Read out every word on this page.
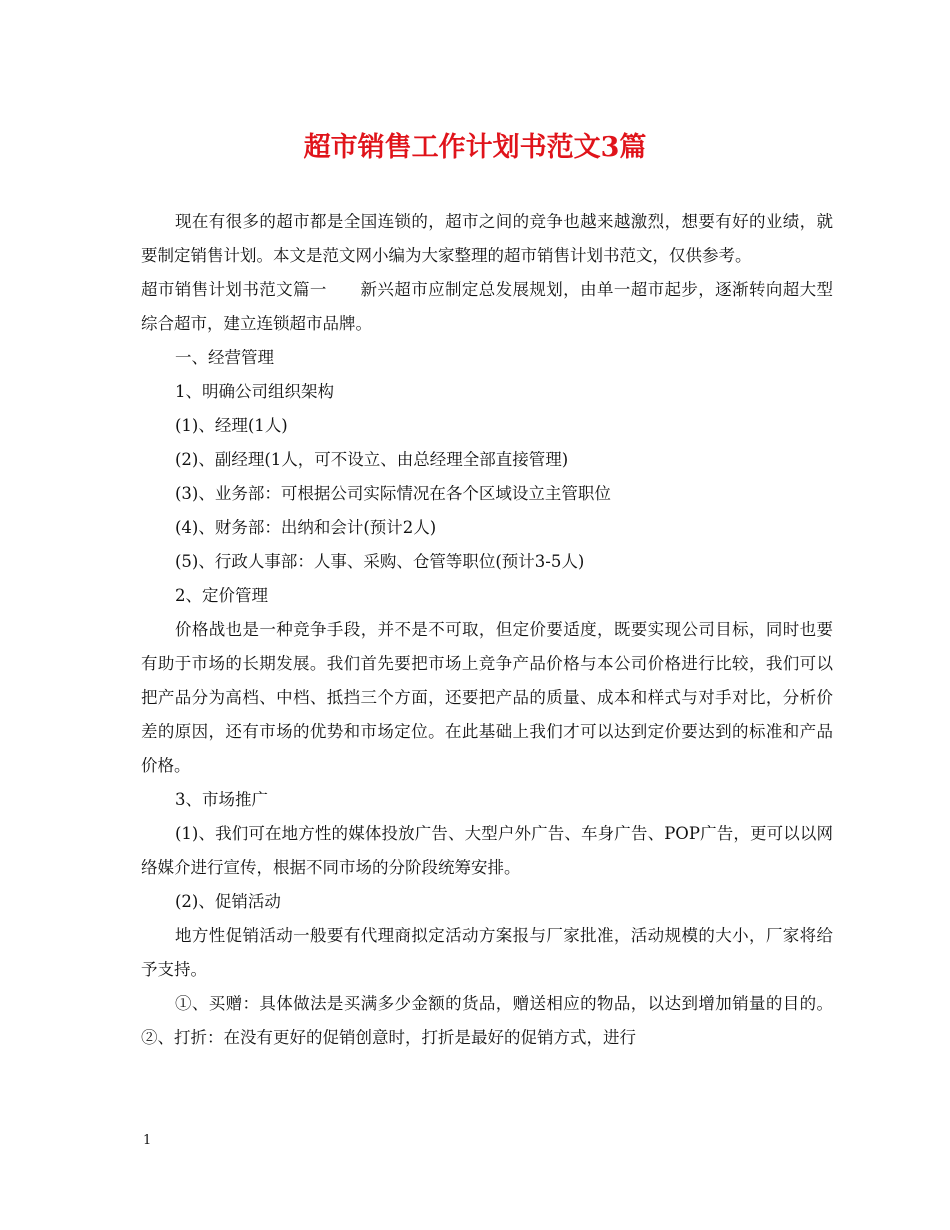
超市销售工作计划书范文3篇

现在有很多的超市都是全国连锁的，超市之间的竞争也越来越激烈，想要有好的业绩，就要制定销售计划。本文是范文网小编为大家整理的超市销售计划书范文，仅供参考。

超市销售计划书范文篇一　　新兴超市应制定总发展规划，由单一超市起步，逐渐转向超大型综合超市，建立连锁超市品牌。

一、经营管理

1、明确公司组织架构

(1)、经理(1人)

(2)、副经理(1人，可不设立、由总经理全部直接管理)

(3)、业务部：可根据公司实际情况在各个区域设立主管职位

(4)、财务部：出纳和会计(预计2人)

(5)、行政人事部：人事、采购、仓管等职位(预计3-5人)

2、定价管理

价格战也是一种竞争手段，并不是不可取，但定价要适度，既要实现公司目标，同时也要有助于市场的长期发展。我们首先要把市场上竞争产品价格与本公司价格进行比较，我们可以把产品分为高档、中档、抵挡三个方面，还要把产品的质量、成本和样式与对手对比，分析价差的原因，还有市场的优势和市场定位。在此基础上我们才可以达到定价要达到的标准和产品价格。

3、市场推广

(1)、我们可在地方性的媒体投放广告、大型户外广告、车身广告、POP广告，更可以以网络媒介进行宣传，根据不同市场的分阶段统筹安排。

(2)、促销活动

地方性促销活动一般要有代理商拟定活动方案报与厂家批准，活动规模的大小，厂家将给予支持。

①、买赠：具体做法是买满多少金额的货品，赠送相应的物品，以达到增加销量的目的。 ②、打折：在没有更好的促销创意时，打折是最好的促销方式，进行

1
